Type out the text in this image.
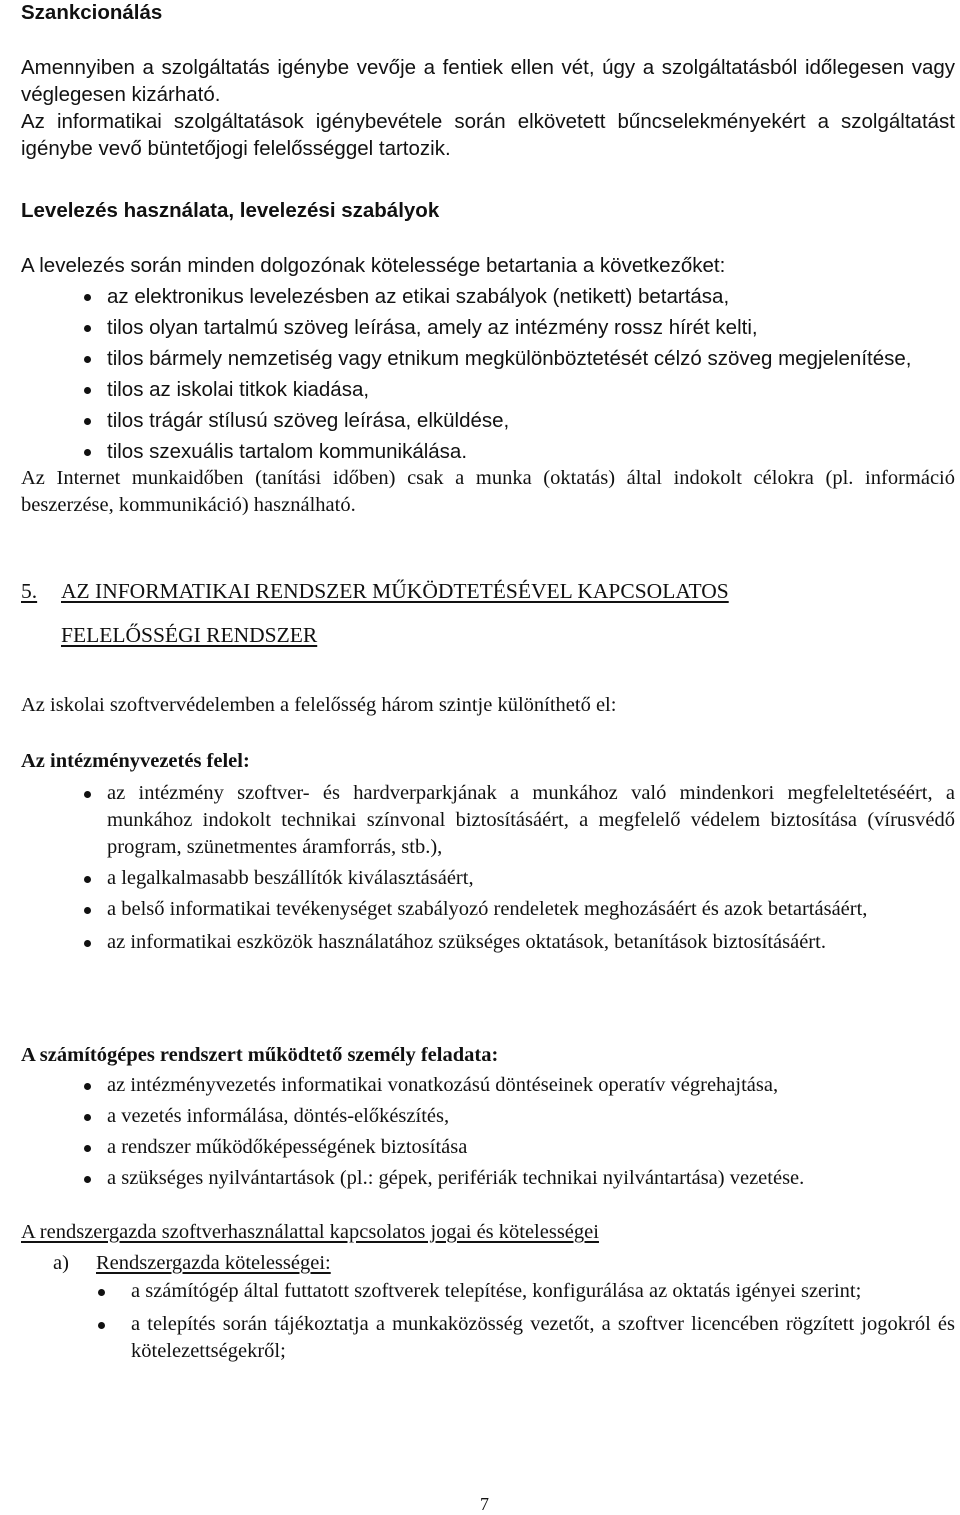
Szankcionálás

Amennyiben a szolgáltatás igénybe vevője a fentiek ellen vét, úgy a szolgáltatásból időlegesen vagy véglegesen kizárható.

Az informatikai szolgáltatások igénybevétele során elkövetett bűncselekményekért a szolgáltatást igénybe vevő büntetőjogi felelősséggel tartozik.

Levelezés használata, levelezési szabályok

A levelezés során minden dolgozónak kötelessége betartania a következőket:

az elektronikus levelezésben az etikai szabályok (netikett) betartása,
tilos olyan tartalmú szöveg leírása, amely az intézmény rossz hírét kelti,
tilos bármely nemzetiség vagy etnikum megkülönböztetését célzó szöveg megjelenítése,
tilos az iskolai titkok kiadása,
tilos trágár stílusú szöveg leírása, elküldése,
tilos szexuális tartalom kommunikálása.

Az Internet munkaidőben (tanítási időben) csak a munka (oktatás) által indokolt célokra (pl. információ beszerzése, kommunikáció) használható.

5. AZ INFORMATIKAI RENDSZER MŰKÖDTETÉSÉVEL KAPCSOLATOS
FELELŐSSÉGI RENDSZER

Az iskolai szoftvervédelemben a felelősség három szintje különíthető el:

Az intézményvezetés felel:

az intézmény szoftver- és hardverparkjának a munkához való mindenkori megfeleltetéséért, a munkához indokolt technikai színvonal biztosításáért, a megfelelő védelem biztosítása (vírusvédő program, szünetmentes áramforrás, stb.),
a legalkalmasabb beszállítók kiválasztásáért,
a belső informatikai tevékenységet szabályozó rendeletek meghozásáért és azok betartásáért,
az informatikai eszközök használatához szükséges oktatások, betanítások biztosításáért.

A számítógépes rendszert működtető személy feladata:

az intézményvezetés informatikai vonatkozású döntéseinek operatív végrehajtása,
a vezetés informálása, döntés-előkészítés,
a rendszer működőképességének biztosítása
a szükséges nyilvántartások (pl.: gépek, perifériák technikai nyilvántartása) vezetése.

A rendszergazda szoftverhasználattal kapcsolatos jogai és kötelességei

a) Rendszergazda kötelességei:
a számítógép által futtatott szoftverek telepítése, konfigurálása az oktatás igényei szerint;
a telepítés során tájékoztatja a munkaközösség vezetőt, a szoftver licencében rögzített jogokról és kötelezettségekről;
7
